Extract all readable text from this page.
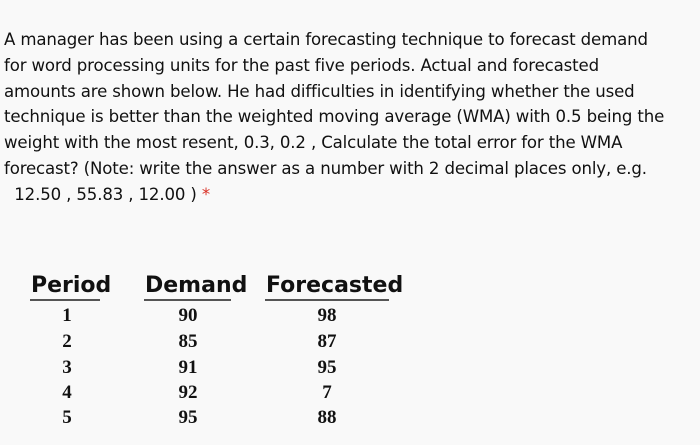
A manager has been using a certain forecasting technique to forecast demand
for word processing units for the past five periods. Actual and forecasted
amounts are shown below. He had difficulties in identifying whether the used
technique is better than the weighted moving average (WMA) with 0.5 being the
weight with the most resent, 0.3, 0.2 , Calculate the total error for the WMA
forecast? (Note: write the answer as a number with 2 decimal places only, e.g.
12.50 , 55.83 , 12.00 ) *
Period Demand Forecasted
1	90	98
2	85	87
3	91	95
4	92	7
5	95	88
